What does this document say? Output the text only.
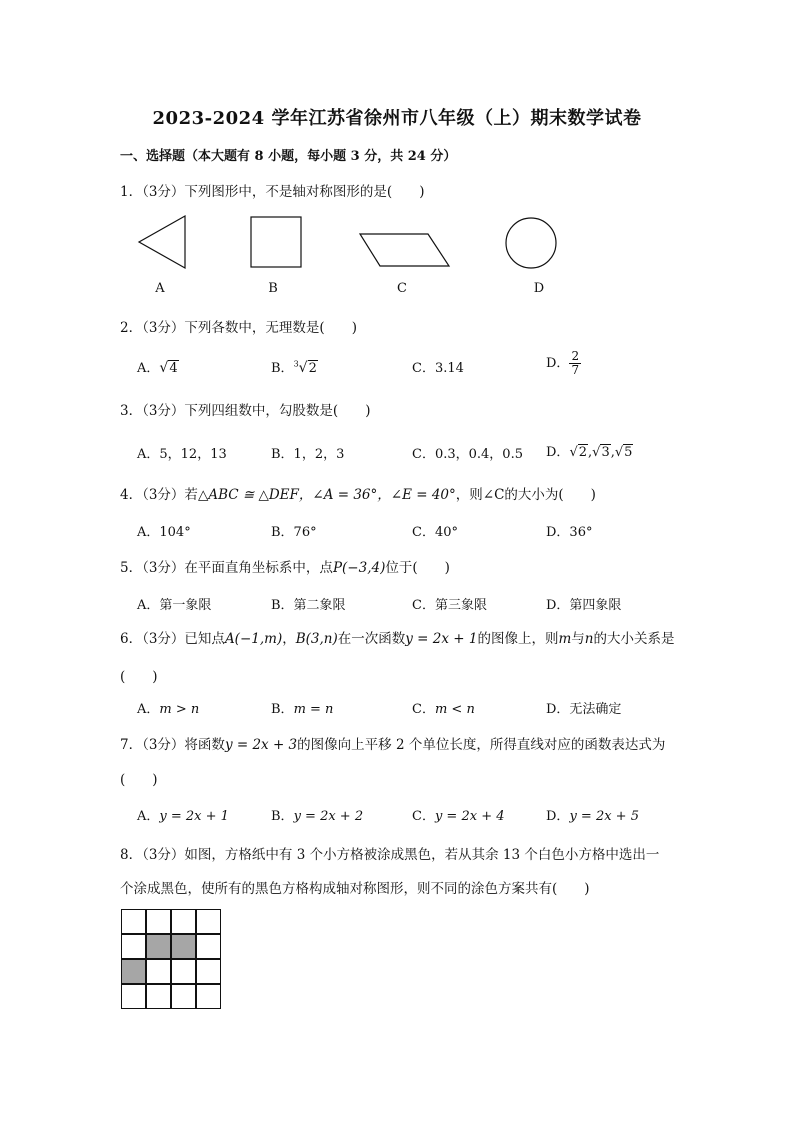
2023-2024 学年江苏省徐州市八年级（上）期末数学试卷
一、选择题（本大题有 8 小题，每小题 3 分，共 24 分）
1．（3分）下列图形中，不是轴对称图形的是(　　)
A	B	C	D
2．（3分）下列各数中，无理数是(　　)
A．√4	B．$^3$√2	C．3.14	D． $\frac{2}{7}$
3．（3分）下列四组数中，勾股数是(　　)
A．5，12，13	B．1，2，3	C．0.3，0.4，0.5 D．√2,√3,√5
4．（3分）若△ABC ≅ △DEF，∠A = 36°，∠E = 40°，则∠C的大小为(　　)
A．104°	B．76°	C．40°	D．36°
5．（3分）在平面直角坐标系中，点P(−3,4)位于(　　)
A．第一象限	B．第二象限	C．第三象限	D．第四象限
6．（3分）已知点A(−1,m)，B(3,n)在一次函数y = 2x + 1的图像上，则m与n的大小关系是
(　　)
A．m > n	B．m = n	C．m < n	D．无法确定
7．（3分）将函数y = 2x + 3的图像向上平移 2 个单位长度，所得直线对应的函数表达式为
(　　)
A．y = 2x + 1	B．y = 2x + 2	C．y = 2x + 4	D．y = 2x + 5
8．（3分）如图，方格纸中有 3 个小方格被涂成黑色，若从其余 13 个白色小方格中选出一
个涂成黑色，使所有的黑色方格构成轴对称图形，则不同的涂色方案共有(　　)
